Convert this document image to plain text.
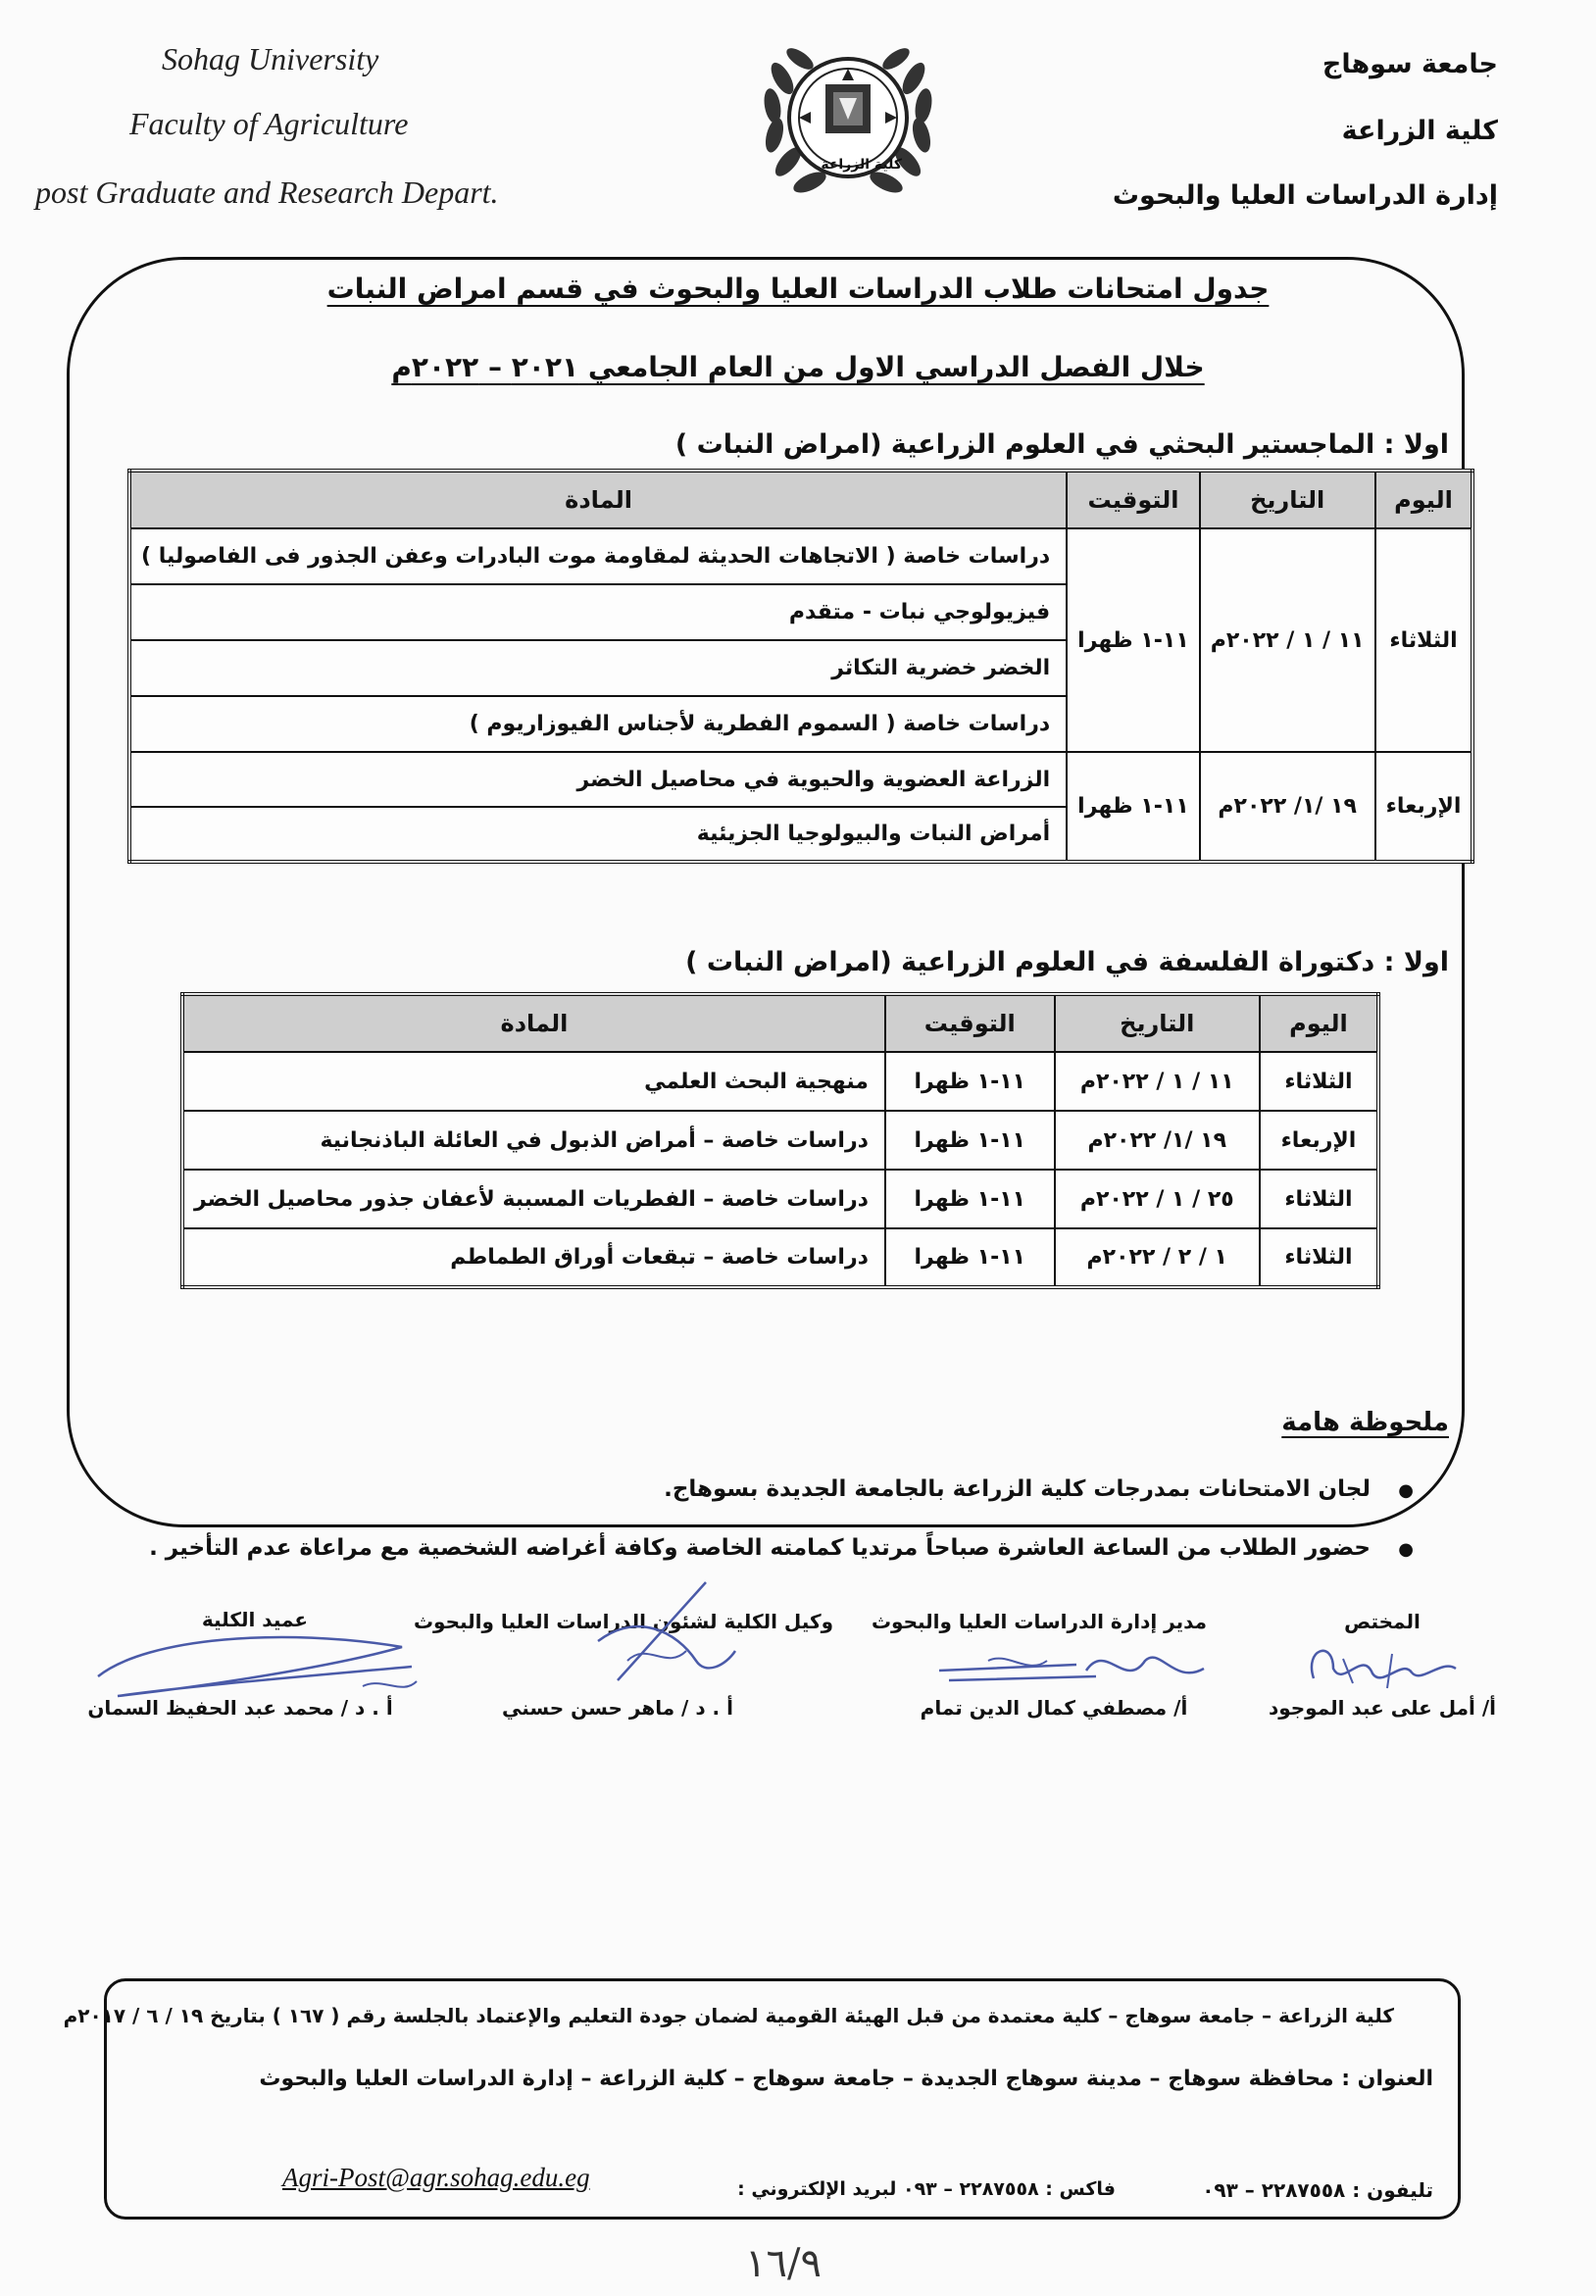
Sohag University
Faculty of Agriculture
post Graduate and Research Depart.
جامعة سوهاج
كلية الزراعة
إدارة الدراسات العليا والبحوث
كلية الزراعة
جدول امتحانات طلاب الدراسات العليا والبحوث في قسم امراض النبات
خلال الفصل الدراسي الاول من العام الجامعي ٢٠٢١ – ٢٠٢٢م
اولا : الماجستير البحثي في العلوم الزراعية (امراض النبات )
اليوم	التاريخ	التوقيت	المادة
الثلاثاء	١١ / ١ / ٢٠٢٢م	١١-١ ظهرا	دراسات خاصة ( الاتجاهات الحديثة لمقاومة موت البادرات وعفن الجذور فى الفاصوليا )
			فيزيولوجي نبات - متقدم
			الخضر خضرية التكاثر
			دراسات خاصة ( السموم الفطرية لأجناس الفيوزاريوم )
الإربعاء	١٩ /١/ ٢٠٢٢م	١١-١ ظهرا	الزراعة العضوية والحيوية في محاصيل الخضر
			أمراض النبات والبيولوجيا الجزيئية
اولا : دكتوراة الفلسفة في العلوم الزراعية (امراض النبات )
اليوم	التاريخ	التوقيت	المادة
الثلاثاء	١١ / ١ / ٢٠٢٢م	١١-١ ظهرا	منهجية البحث العلمي
الإربعاء	١٩ /١/ ٢٠٢٢م	١١-١ ظهرا	دراسات خاصة – أمراض الذبول في العائلة الباذنجانية
الثلاثاء	٢٥ / ١ / ٢٠٢٢م	١١-١ ظهرا	دراسات خاصة – الفطريات المسببة لأعفان جذور محاصيل الخضر
الثلاثاء	١ / ٢ / ٢٠٢٢م	١١-١ ظهرا	دراسات خاصة – تبقعات أوراق الطماطم
ملحوظة هامة
●
لجان الامتحانات بمدرجات كلية الزراعة بالجامعة الجديدة بسوهاج.
●
حضور الطلاب من الساعة العاشرة صباحاً مرتديا كمامته الخاصة وكافة أغراضه الشخصية مع مراعاة عدم التأخير .
المختص
أ/ أمل على عبد الموجود
مدير إدارة الدراسات العليا والبحوث
أ/ مصطفي كمال الدين تمام
وكيل الكلية لشئون الدراسات العليا والبحوث
أ . د / ماهر حسن حسني
عميد الكلية
أ . د / محمد عبد الحفيظ السمان
كلية الزراعة – جامعة سوهاج – كلية معتمدة من قبل الهيئة القومية لضمان جودة التعليم والإعتماد بالجلسة رقم ( ١٦٧ ) بتاريخ ١٩ / ٦ / ٢٠١٧م
العنوان : محافظة سوهاج – مدينة سوهاج الجديدة – جامعة سوهاج – كلية الزراعة – إدارة الدراسات العليا والبحوث
تليفون : ٢٢٨٧٥٥٨ – ٠٩٣
فاكس : ٢٢٨٧٥٥٨ – ٠٩٣ لبريد الإلكتروني :
Agri-Post@agr.sohag.edu.eg
١٦/٩
